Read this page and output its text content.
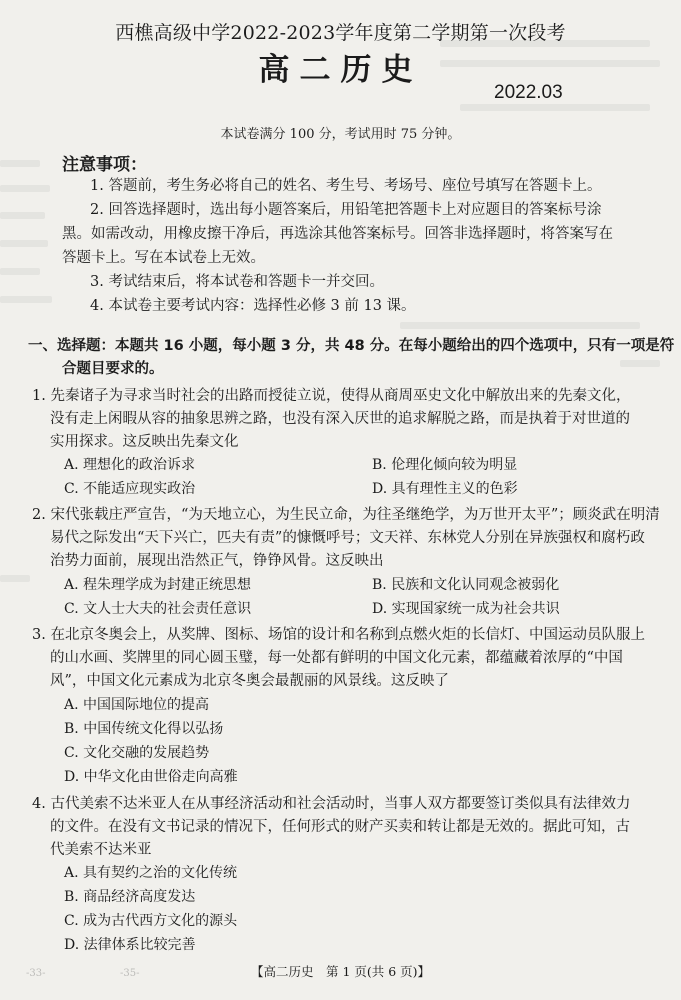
西樵高级中学2022-2023学年度第二学期第一次段考
高二历史
2022.03
本试卷满分 100 分，考试用时 75 分钟。
注意事项：
1. 答题前，考生务必将自己的姓名、考生号、考场号、座位号填写在答题卡上。
2. 回答选择题时，选出每小题答案后，用铅笔把答题卡上对应题目的答案标号涂
黑。如需改动，用橡皮擦干净后，再选涂其他答案标号。回答非选择题时，将答案写在
答题卡上。写在本试卷上无效。
3. 考试结束后，将本试卷和答题卡一并交回。
4. 本试卷主要考试内容：选择性必修 3 前 13 课。
一、选择题：本题共 16 小题，每小题 3 分，共 48 分。在每小题给出的四个选项中，只有一项是符
合题目要求的。
1. 先秦诸子为寻求当时社会的出路而授徒立说，使得从商周巫史文化中解放出来的先秦文化，
没有走上闲暇从容的抽象思辨之路，也没有深入厌世的追求解脱之路，而是执着于对世道的
实用探求。这反映出先秦文化
A. 理想化的政治诉求	B. 伦理化倾向较为明显
C. 不能适应现实政治	D. 具有理性主义的色彩
2. 宋代张载庄严宣告，“为天地立心，为生民立命，为往圣继绝学，为万世开太平”；顾炎武在明清
易代之际发出“天下兴亡，匹夫有责”的慷慨呼号；文天祥、东林党人分别在异族强权和腐朽政
治势力面前，展现出浩然正气，铮铮风骨。这反映出
A. 程朱理学成为封建正统思想	B. 民族和文化认同观念被弱化
C. 文人士大夫的社会责任意识	D. 实现国家统一成为社会共识
3. 在北京冬奥会上，从奖牌、图标、场馆的设计和名称到点燃火炬的长信灯、中国运动员队服上
的山水画、奖牌里的同心圆玉璧，每一处都有鲜明的中国文化元素，都蕴藏着浓厚的“中国
风”，中国文化元素成为北京冬奥会最靓丽的风景线。这反映了
A. 中国国际地位的提高
B. 中国传统文化得以弘扬
C. 文化交融的发展趋势
D. 中华文化由世俗走向高雅
4. 古代美索不达米亚人在从事经济活动和社会活动时，当事人双方都要签订类似具有法律效力
的文件。在没有文书记录的情况下，任何形式的财产买卖和转让都是无效的。据此可知，古
代美索不达米亚
A. 具有契约之治的文化传统
B. 商品经济高度发达
C. 成为古代西方文化的源头
D. 法律体系比较完善
-33-	【高二历史　第 1 页(共 6 页)】
-35-
